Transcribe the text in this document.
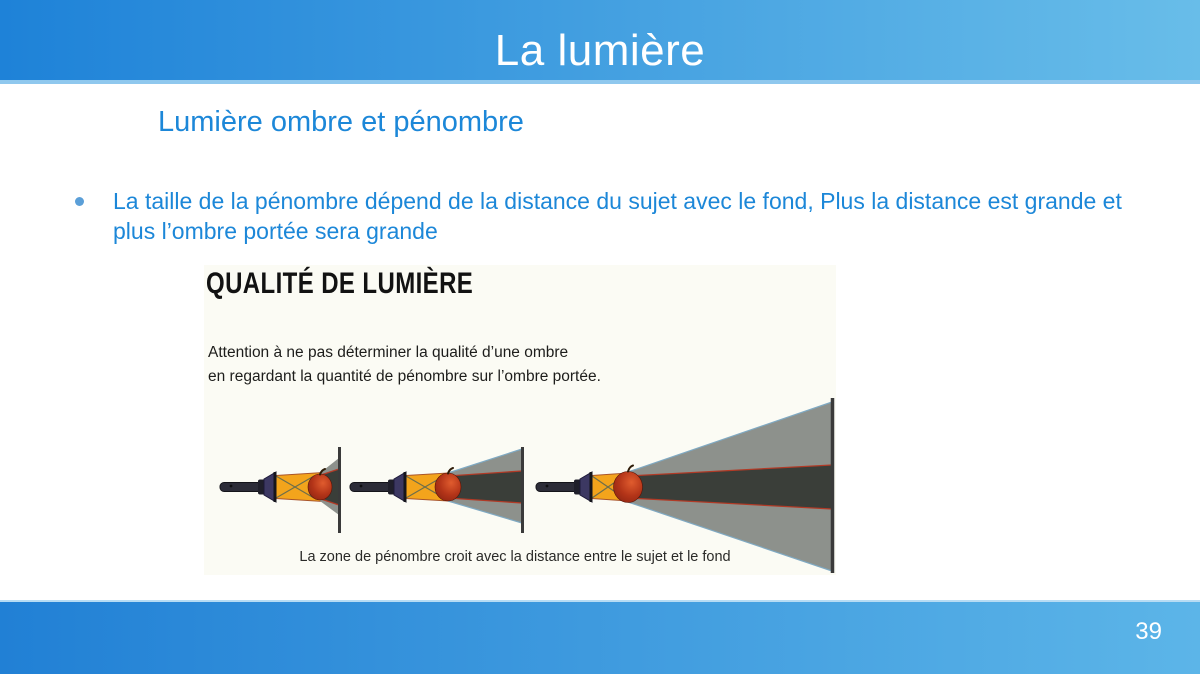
La lumière
Lumière ombre et pénombre

La taille de la pénombre dépend de la distance du sujet avec le fond, Plus la distance est grande et plus l’ombre portée sera grande

QUALITÉ DE LUMIÈRE
Attention à ne pas déterminer la qualité d’une ombre
en regardant la quantité de pénombre sur l’ombre portée.
La zone de pénombre croit avec la distance entre le sujet et le fond
39
